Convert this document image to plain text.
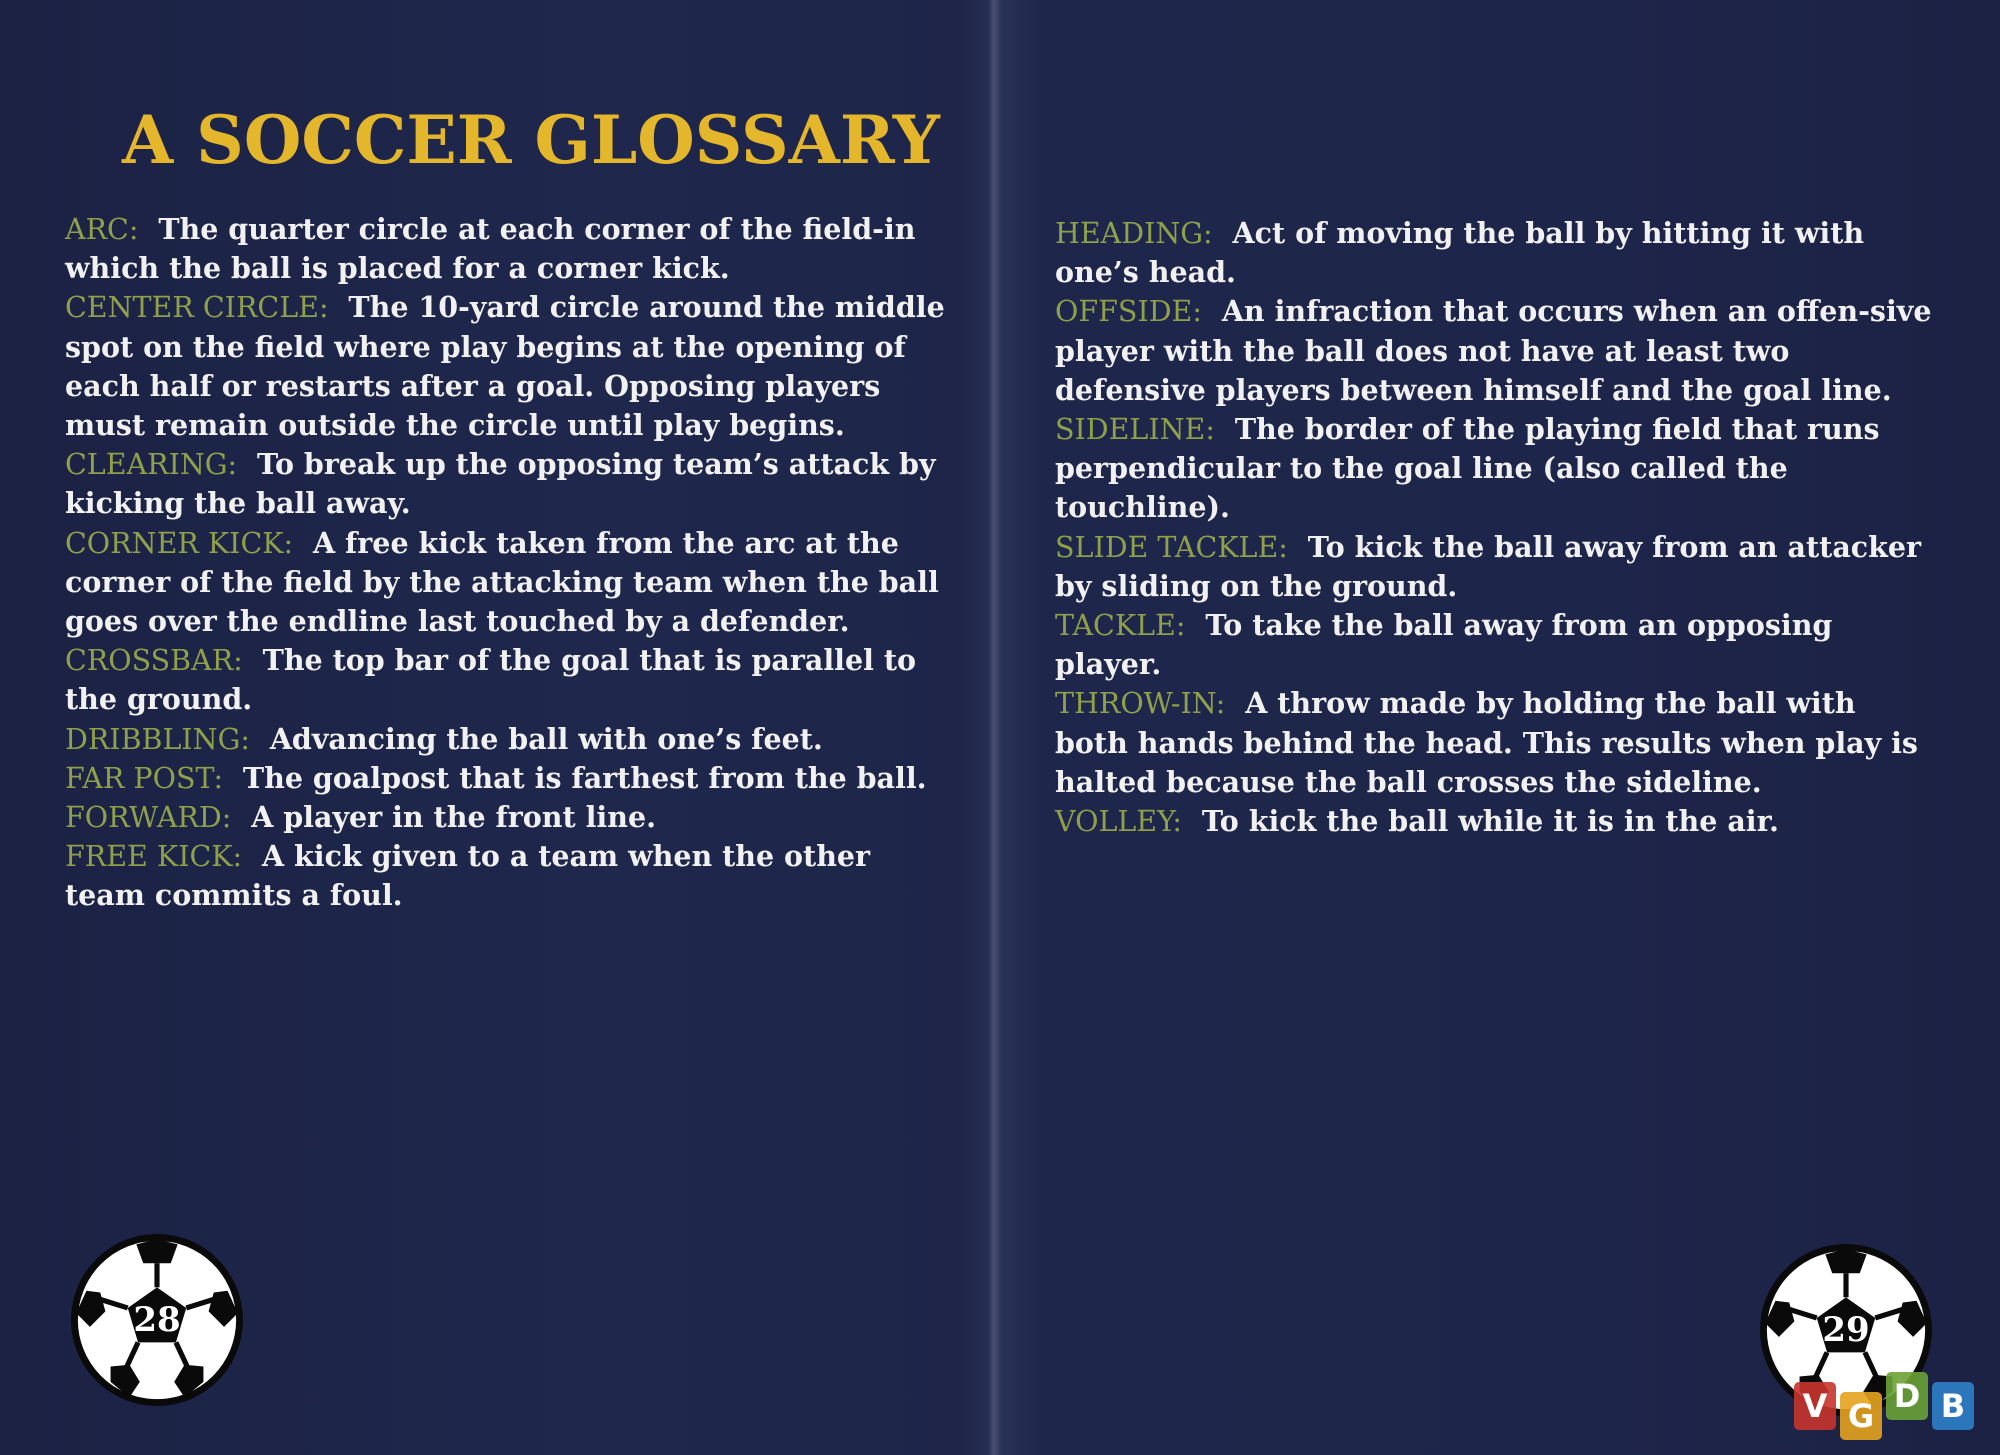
A SOCCER GLOSSARY

ARC: The quarter circle at each corner of the field-in which the ball is placed for a corner kick.

CENTER CIRCLE: The 10-yard circle around the middle spot on the field where play begins at the opening of each half or restarts after a goal. Opposing players must remain outside the circle until play begins.

CLEARING: To break up the opposing team’s attack by kicking the ball away.

CORNER KICK: A free kick taken from the arc at the corner of the field by the attacking team when the ball goes over the endline last touched by a defender.

CROSSBAR: The top bar of the goal that is parallel to the ground.

DRIBBLING: Advancing the ball with one’s feet.

FAR POST: The goalpost that is farthest from the ball.

FORWARD: A player in the front line.

FREE KICK: A kick given to a team when the other team commits a foul.

28

HEADING: Act of moving the ball by hitting it with one’s head.

OFFSIDE: An infraction that occurs when an offen-sive player with the ball does not have at least two defensive players between himself and the goal line.

SIDELINE: The border of the playing field that runs perpendicular to the goal line (also called the touchline).

SLIDE TACKLE: To kick the ball away from an attacker by sliding on the ground.

TACKLE: To take the ball away from an opposing player.

THROW-IN: A throw made by holding the ball with both hands behind the head. This results when play is halted because the ball crosses the sideline.

VOLLEY: To kick the ball while it is in the air.

29
V G
D B
